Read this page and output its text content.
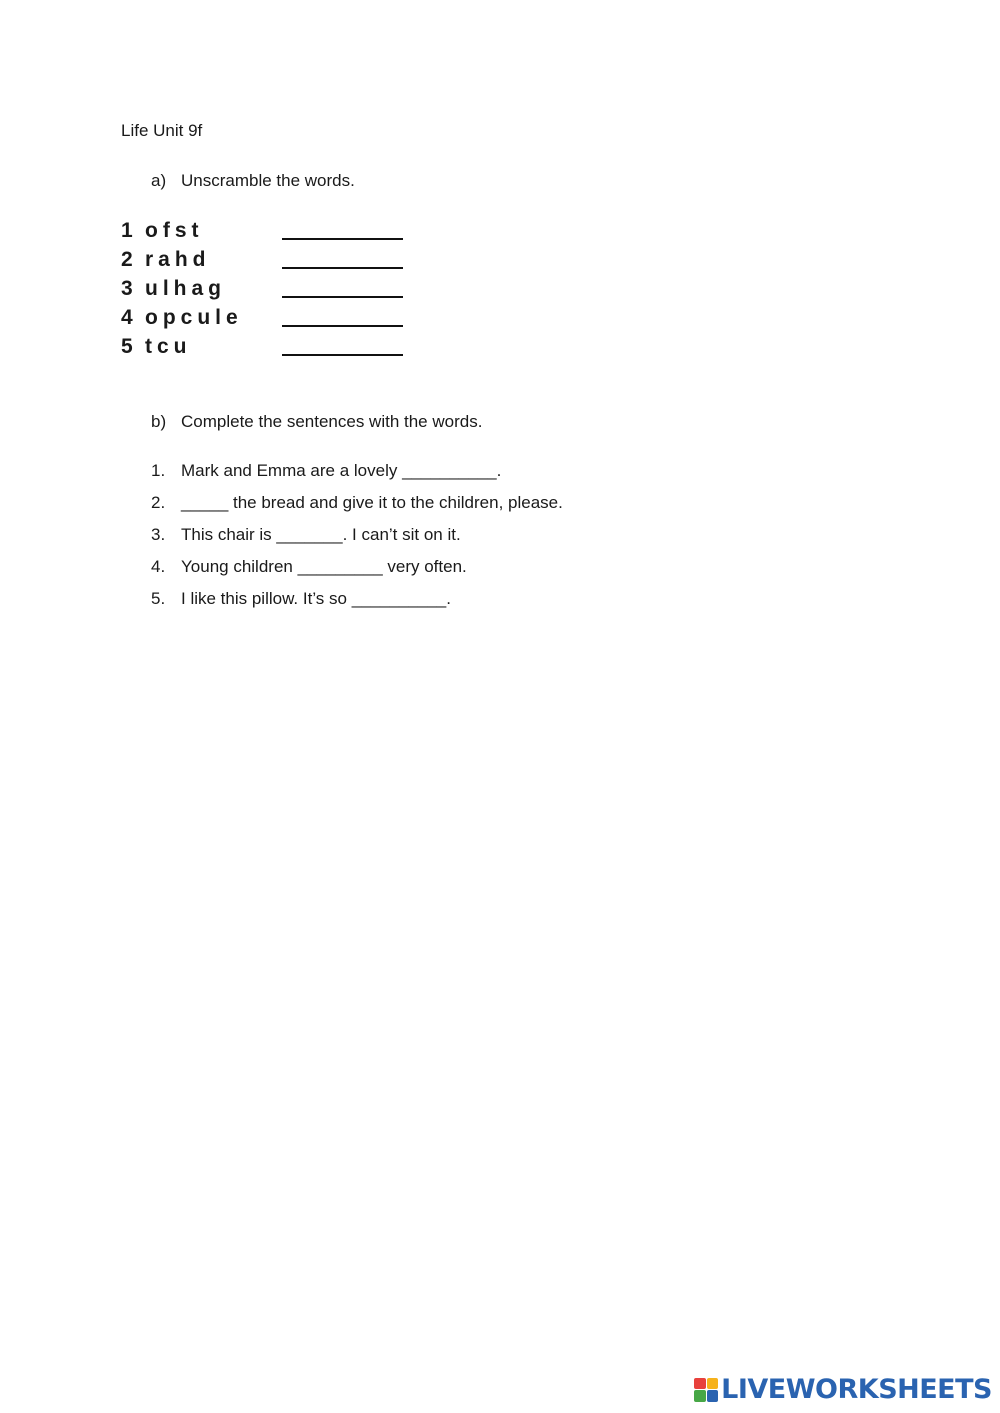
Life Unit 9f
a) Unscramble the words.
1 ofst
2 rahd
3 ulhag
4 opcule
5 tcu
b) Complete the sentences with the words.
1. Mark and Emma are a lovely __________.
2. _____ the bread and give it to the children, please.
3. This chair is _______. I can’t sit on it.
4. Young children _________ very often.
5. I like this pillow. It’s so __________.
LIVEWORKSHEETS
